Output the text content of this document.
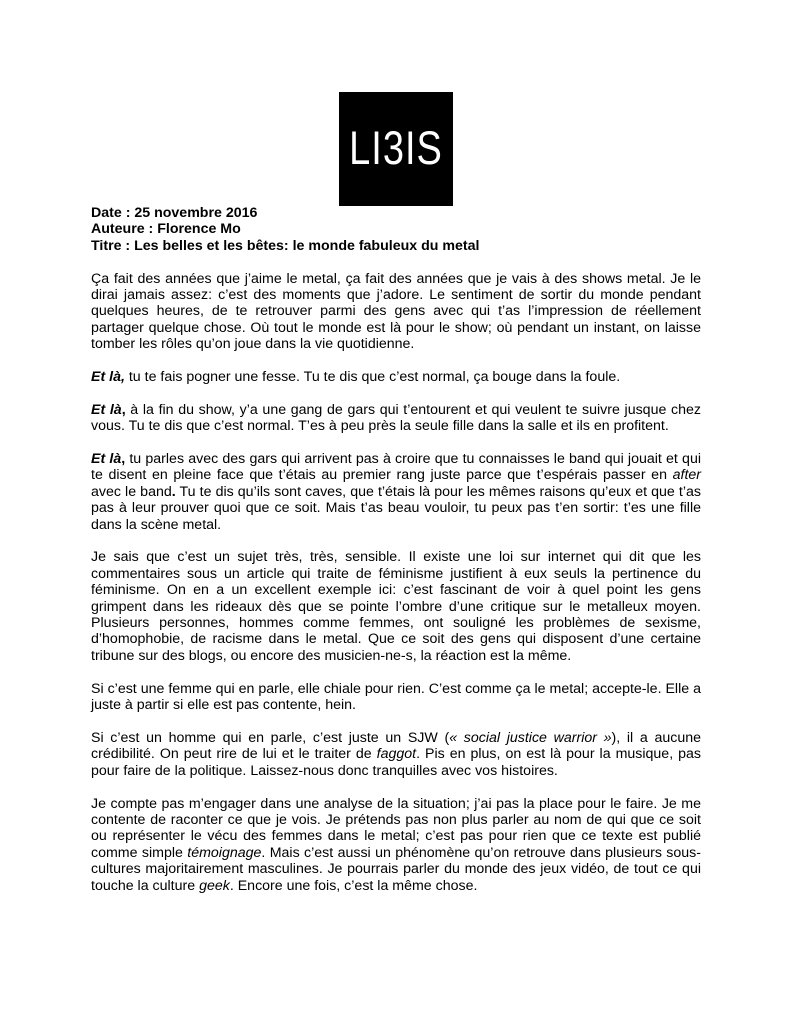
LI3IS

Date : 25 novembre 2016

Auteure : Florence Mo

Titre : Les belles et les bêtes: le monde fabuleux du metal

Ça fait des années que j’aime le metal, ça fait des années que je vais à des shows metal. Je le dirai jamais assez: c’est des moments que j’adore. Le sentiment de sortir du monde pendant quelques heures, de te retrouver parmi des gens avec qui t’as l’impression de réellement partager quelque chose. Où tout le monde est là pour le show; où pendant un instant, on laisse tomber les rôles qu’on joue dans la vie quotidienne.

Et là, tu te fais pogner une fesse. Tu te dis que c’est normal, ça bouge dans la foule.

Et là, à la fin du show, y’a une gang de gars qui t’entourent et qui veulent te suivre jusque chez vous. Tu te dis que c’est normal. T’es à peu près la seule fille dans la salle et ils en profitent.

Et là, tu parles avec des gars qui arrivent pas à croire que tu connaisses le band qui jouait et qui te disent en pleine face que t’étais au premier rang juste parce que t’espérais passer en after avec le band. Tu te dis qu’ils sont caves, que t’étais là pour les mêmes raisons qu’eux et que t’as pas à leur prouver quoi que ce soit. Mais t’as beau vouloir, tu peux pas t’en sortir: t’es une fille dans la scène metal.

Je sais que c’est un sujet très, très, sensible. Il existe une loi sur internet qui dit que les commentaires sous un article qui traite de féminisme justifient à eux seuls la pertinence du féminisme. On en a un excellent exemple ici: c’est fascinant de voir à quel point les gens grimpent dans les rideaux dès que se pointe l’ombre d’une critique sur le metalleux moyen. Plusieurs personnes, hommes comme femmes, ont souligné les problèmes de sexisme, d’homophobie, de racisme dans le metal. Que ce soit des gens qui disposent d’une certaine tribune sur des blogs, ou encore des musicien-ne-s, la réaction est la même.

Si c’est une femme qui en parle, elle chiale pour rien. C’est comme ça le metal; accepte-le. Elle a juste à partir si elle est pas contente, hein.

Si c’est un homme qui en parle, c’est juste un SJW (« social justice warrior »), il a aucune crédibilité. On peut rire de lui et le traiter de faggot. Pis en plus, on est là pour la musique, pas pour faire de la politique. Laissez-nous donc tranquilles avec vos histoires.

Je compte pas m’engager dans une analyse de la situation; j’ai pas la place pour le faire. Je me contente de raconter ce que je vois. Je prétends pas non plus parler au nom de qui que ce soit ou représenter le vécu des femmes dans le metal; c’est pas pour rien que ce texte est publié comme simple témoignage. Mais c’est aussi un phénomène qu’on retrouve dans plusieurs sous-cultures majoritairement masculines. Je pourrais parler du monde des jeux vidéo, de tout ce qui touche la culture geek. Encore une fois, c’est la même chose.
